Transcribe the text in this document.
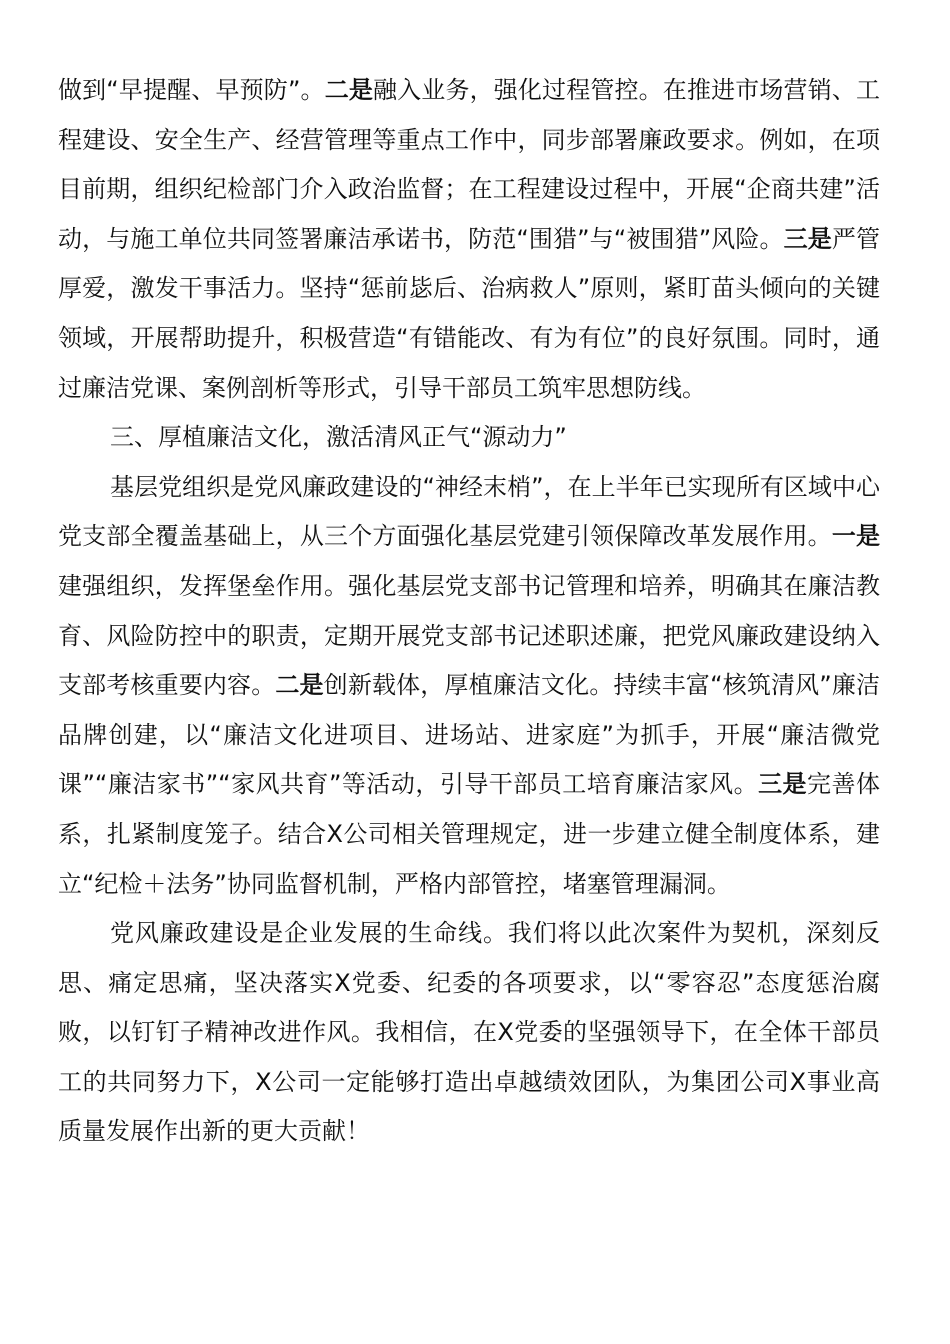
做到“早提醒、早预防”。二是融入业务，强化过程管控。在推进市场营销、工程建设、安全生产、经营管理等重点工作中，同步部署廉政要求。例如，在项目前期，组织纪检部门介入政治监督；在工程建设过程中，开展“企商共建”活动，与施工单位共同签署廉洁承诺书，防范“围猎”与“被围猎”风险。三是严管厚爱，激发干事活力。坚持“惩前毖后、治病救人”原则，紧盯苗头倾向的关键领域，开展帮助提升，积极营造“有错能改、有为有位”的良好氛围。同时，通过廉洁党课、案例剖析等形式，引导干部员工筑牢思想防线。

三、厚植廉洁文化，激活清风正气“源动力”

基层党组织是党风廉政建设的“神经末梢”，在上半年已实现所有区域中心党支部全覆盖基础上，从三个方面强化基层党建引领保障改革发展作用。一是建强组织，发挥堡垒作用。强化基层党支部书记管理和培养，明确其在廉洁教育、风险防控中的职责，定期开展党支部书记述职述廉，把党风廉政建设纳入支部考核重要内容。二是创新载体，厚植廉洁文化。持续丰富“核筑清风”廉洁品牌创建，以“廉洁文化进项目、进场站、进家庭”为抓手，开展“廉洁微党课”“廉洁家书”“家风共育”等活动，引导干部员工培育廉洁家风。三是完善体系，扎紧制度笼子。结合X公司相关管理规定，进一步建立健全制度体系，建立“纪检＋法务”协同监督机制，严格内部管控，堵塞管理漏洞。

党风廉政建设是企业发展的生命线。我们将以此次案件为契机，深刻反思、痛定思痛，坚决落实X党委、纪委的各项要求，以“零容忍”态度惩治腐败，以钉钉子精神改进作风。我相信，在X党委的坚强领导下，在全体干部员工的共同努力下，X公司一定能够打造出卓越绩效团队，为集团公司X事业高质量发展作出新的更大贡献！
